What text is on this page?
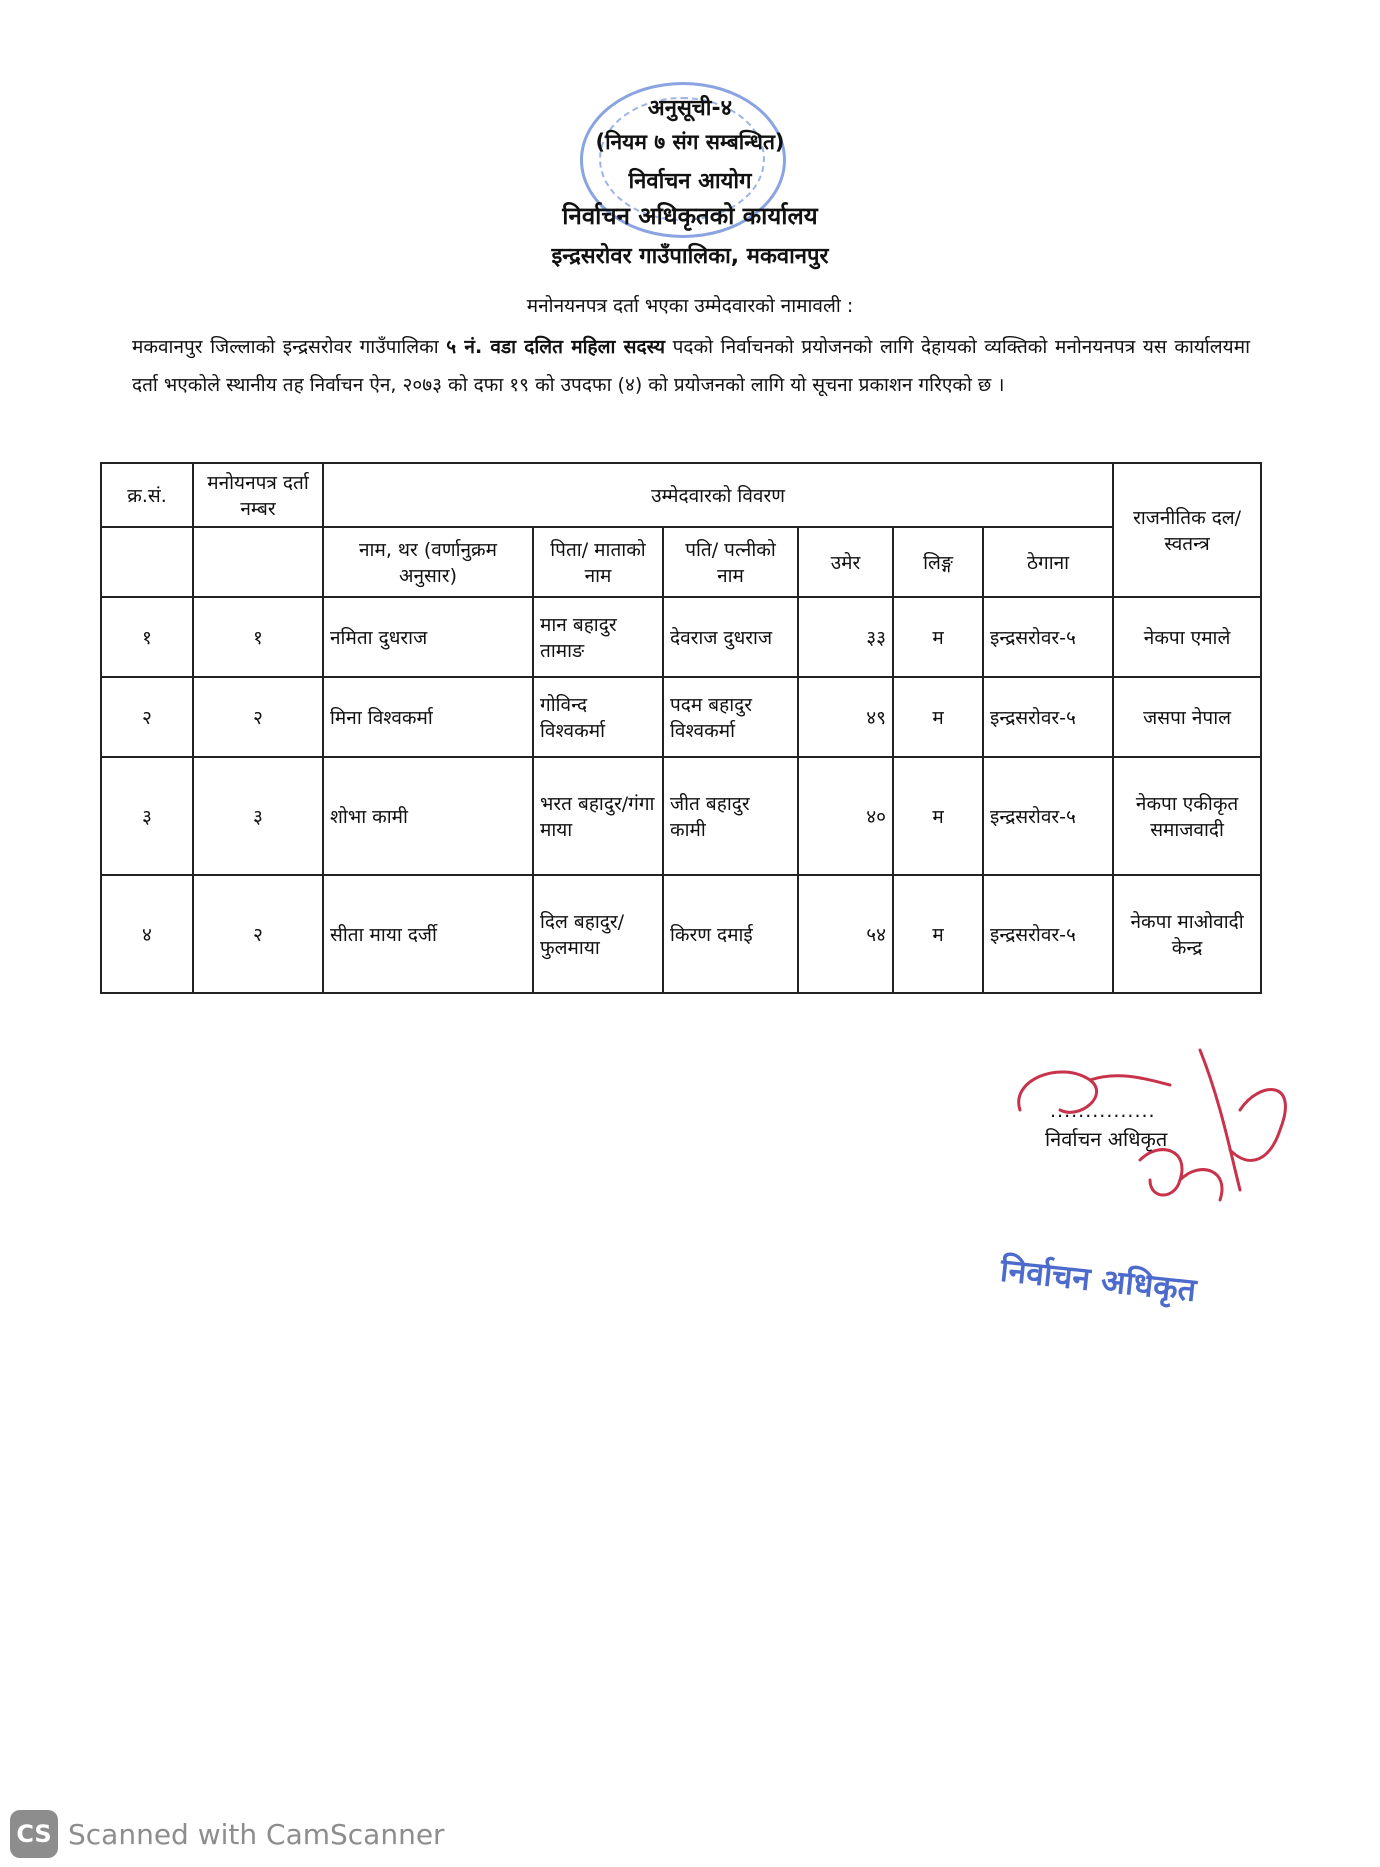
अनुसूची-४
(नियम ७ संग सम्बन्धित)
निर्वाचन आयोग
निर्वाचन अधिकृतको कार्यालय
इन्द्रसरोवर गाउँपालिका, मकवानपुर
मनोनयनपत्र दर्ता भएका उम्मेदवारको नामावली :
मकवानपुर जिल्लाको इन्द्रसरोवर गाउँपालिका ५ नं. वडा दलित महिला सदस्य पदको निर्वाचनको प्रयोजनको लागि देहायको व्यक्तिको मनोनयनपत्र यस कार्यालयमा दर्ता भएकोले स्थानीय तह निर्वाचन ऐन, २०७३ को दफा १९ को उपदफा (४) को प्रयोजनको लागि यो सूचना प्रकाशन गरिएको छ ।
क्र.सं.	मनोयनपत्र दर्ता नम्बर	उम्मेदवारको विवरण						राजनीतिक दल/स्वतन्त्र
		नाम, थर (वर्णानुक्रम अनुसार)	पिता/ माताको नाम	पति/ पत्नीको नाम	उमेर	लिङ्ग	ठेगाना	
१	१	नमिता दुधराज	मान बहादुर तामाङ	देवराज दुधराज	३३	म	इन्द्रसरोवर-५	नेकपा एमाले
२	२	मिना विश्वकर्मा	गोविन्द विश्वकर्मा	पदम बहादुर विश्वकर्मा	४९	म	इन्द्रसरोवर-५	जसपा नेपाल
३	३	शोभा कामी	भरत बहादुर/गंगा माया	जीत बहादुर कामी	४०	म	इन्द्रसरोवर-५	नेकपा एकीकृत समाजवादी
४	२	सीता माया दर्जी	दिल बहादुर/ फुलमाया	किरण दमाई	५४	म	इन्द्रसरोवर-५	नेकपा माओवादी केन्द्र
...............
निर्वाचन अधिकृत
निर्वाचन अधिकृत
CS Scanned with CamScanner
